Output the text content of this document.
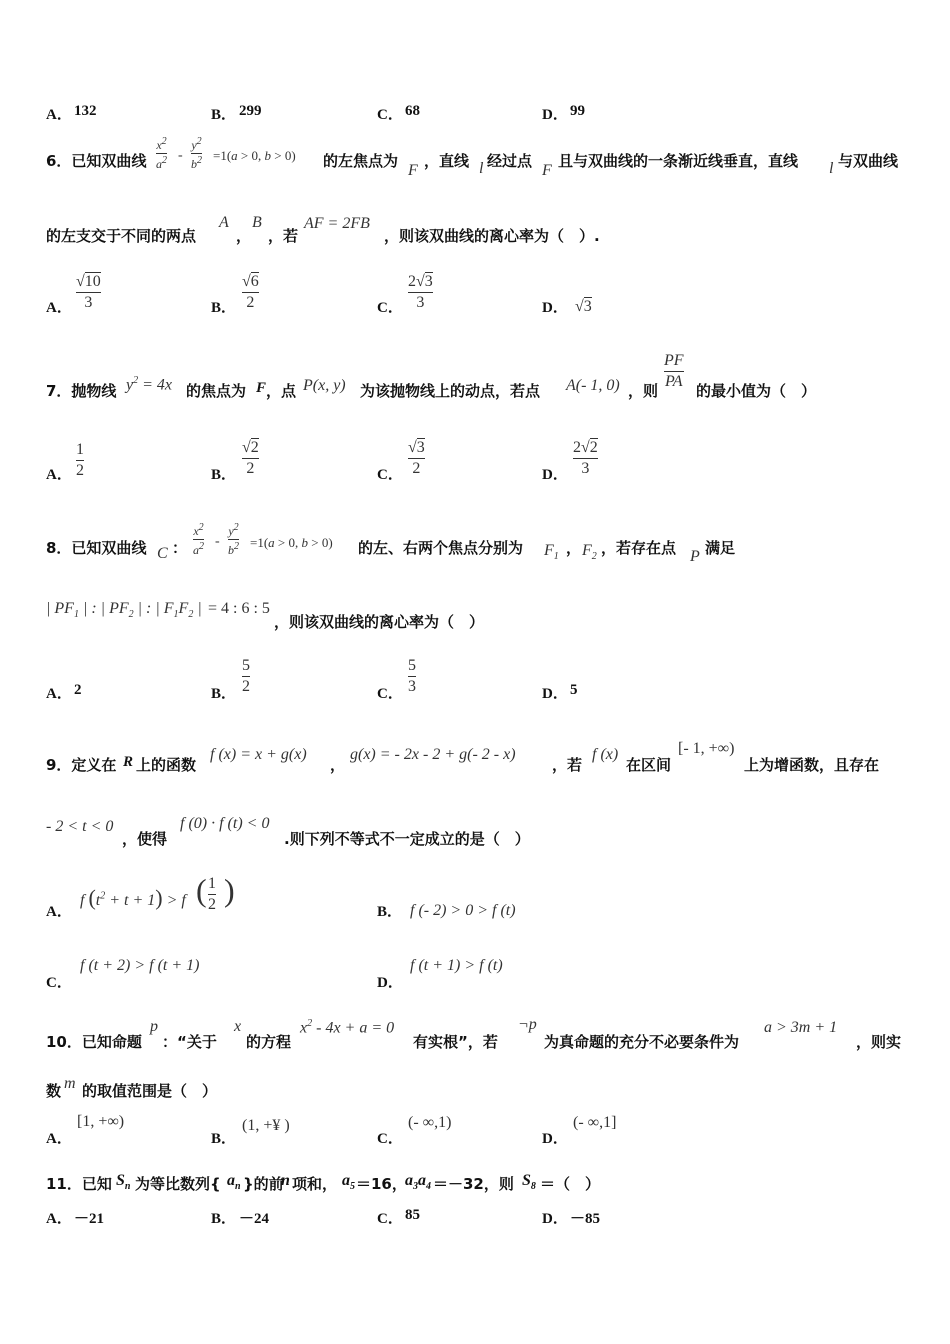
A． 132	B． 299	C． 68	D． 99
6．已知双曲线
$x^2$
$a^2$ -
$y^2$
$b^2 =1(a > 0$, b > 0) 的左焦点为
F
，直线 l 经过点
F
且与双曲线的一条渐近线垂直，直线 l 与双曲线
的左支交于不同的两点
A
，
B
，若
AF = 2FB
，则该双曲线的离心率为（　）.
A．
√10
3	B．
√6
2	C．
2√3
3	D． √3
7．抛物线 $y^2 = 4x$ 的焦点为 F ，点 P(x, y) 为该抛物线上的动点，若点 A(- 1, 0) ，则
PF
PA
的最小值为（　）
A．
1
2	B．
√2
2	C．
√3
2	D．
2√2
3
8．已知双曲线 C ：
$x^2$
$a^2$ -
$y^2$
$b^2 =1(a > 0$, b > 0) 的左、右两个焦点分别为 $F_1$ ， $F_2$ ，若存在点 P 满足
| $PF_1$ | : | $PF_2$ | : | $F_1F_2$ | = 4 : 6 : 5
，则该双曲线的离心率为（　）
A． 2	B．
5
2	C．
5
3	D． 5
9．定义在 R 上的函数
f (x) = x + g(x)
，
g(x) = - 2x - 2 + g(- 2 - x)
，若
f (x)
在区间
[- 1, +∞)
上为增函数，且存在
- 2 < t < 0
，使得
f (0) · f (t) < 0
.则下列不等式不一定成立的是（　）
A．
f $(t^2 + t + 1) > f$ ( 1
2 )
B． f (- 2) > 0 > f (t)
C．
f (t + 2) > f (t + 1)
D．
f (t + 1) > f (t)
10．已知命题
p
：“关于
x
的方程
$x^2 - 4x + a = 0$
有实根”，若
¬p
为真命题的充分不必要条件为
a > 3m + 1
，则实
数 m 的取值范围是（　）
A．
[1, +∞)
B．
(1, +¥ )
C．
(- ∞,1)
D．
(- ∞,1]
11．已知 $S_n$ 为等比数列{ $a_n$ }的前
n 项和， $a_5 =16$，
$a_3a_4 =-32$，则 $S_8$ ＝（　）
A． －21	B． －24	C． 85	D． －85
